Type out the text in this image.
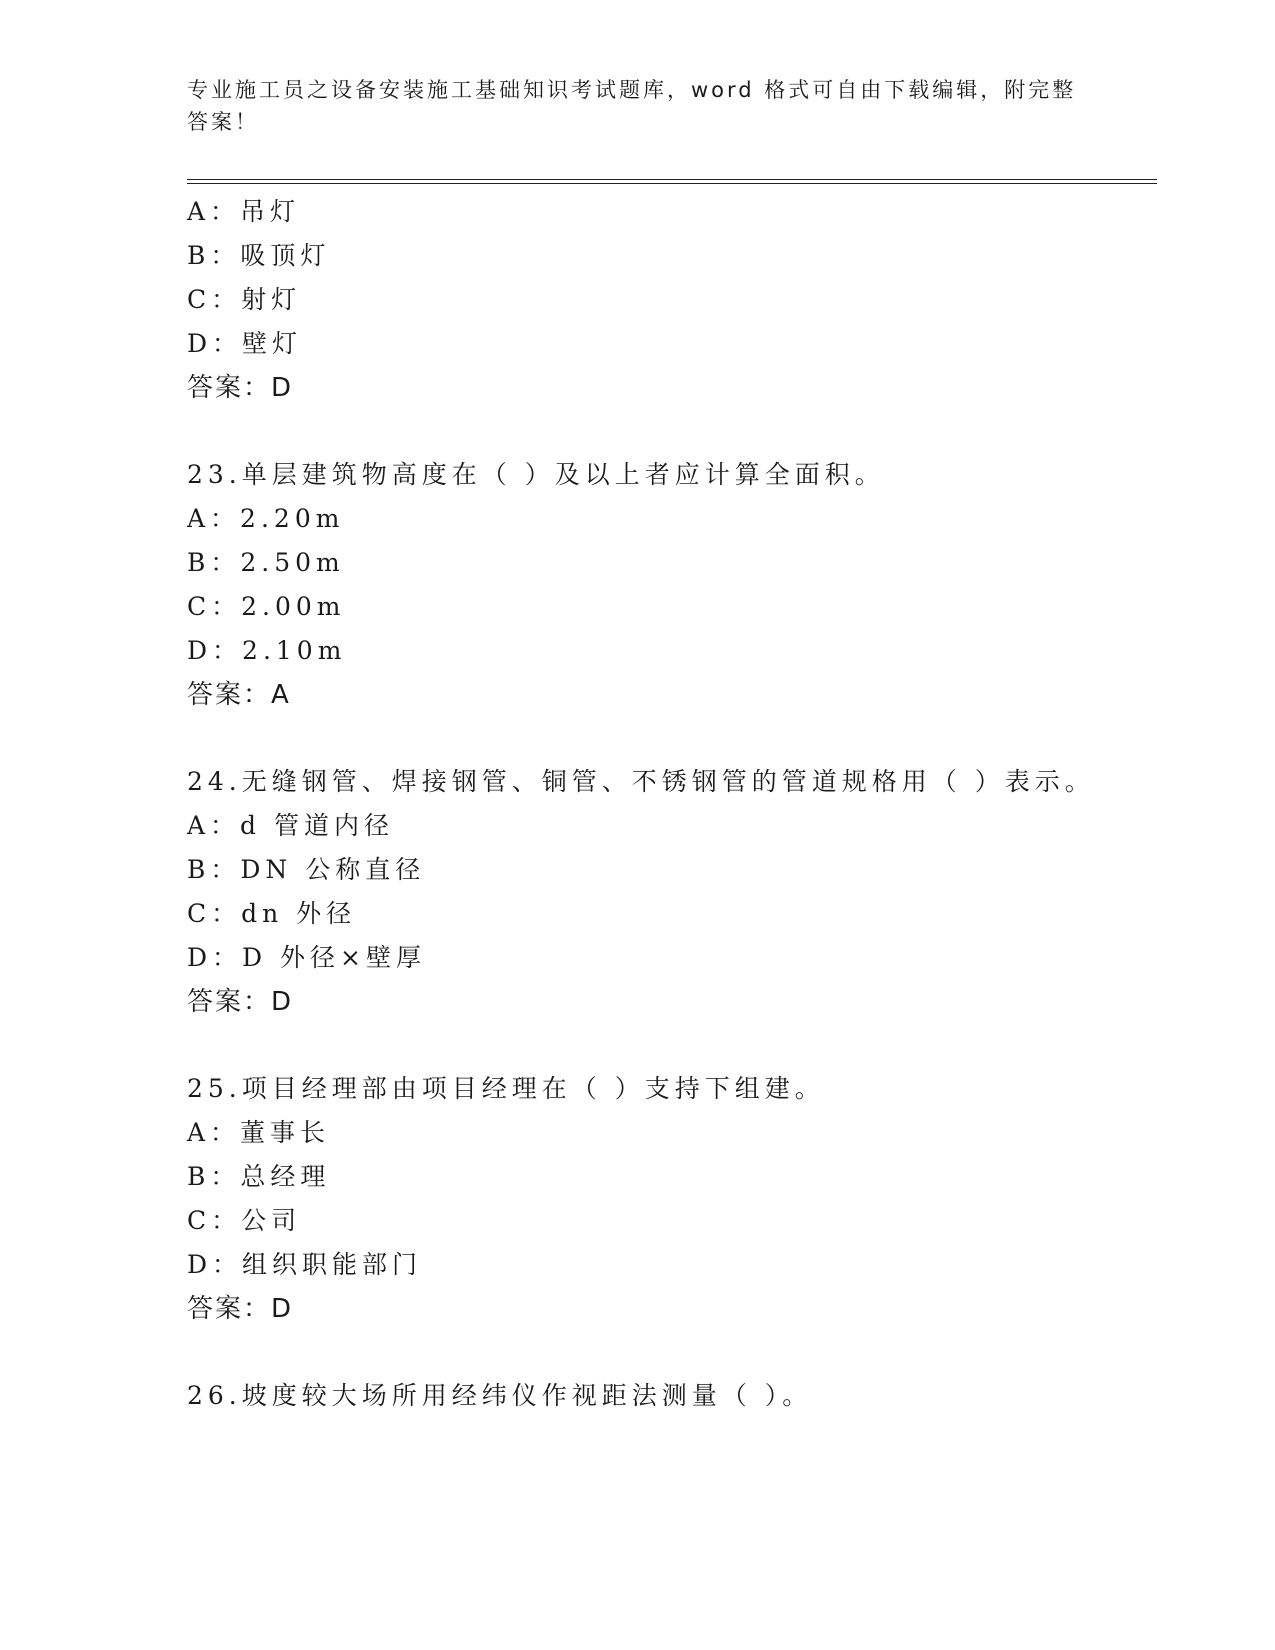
专业施工员之设备安装施工基础知识考试题库，word 格式可自由下载编辑，附完整答案！
A：吊灯
B：吸顶灯
C：射灯
D：壁灯
答案：D
23.单层建筑物高度在（ ）及以上者应计算全面积。
A：2.20m
B：2.50m
C：2.00m
D：2.10m
答案：A
24.无缝钢管、焊接钢管、铜管、不锈钢管的管道规格用（ ）表示。
A：d 管道内径
B：DN 公称直径
C：dn 外径
D：D 外径×壁厚
答案：D
25.项目经理部由项目经理在（ ）支持下组建。
A：董事长
B：总经理
C：公司
D：组织职能部门
答案：D
26.坡度较大场所用经纬仪作视距法测量（ ）。
